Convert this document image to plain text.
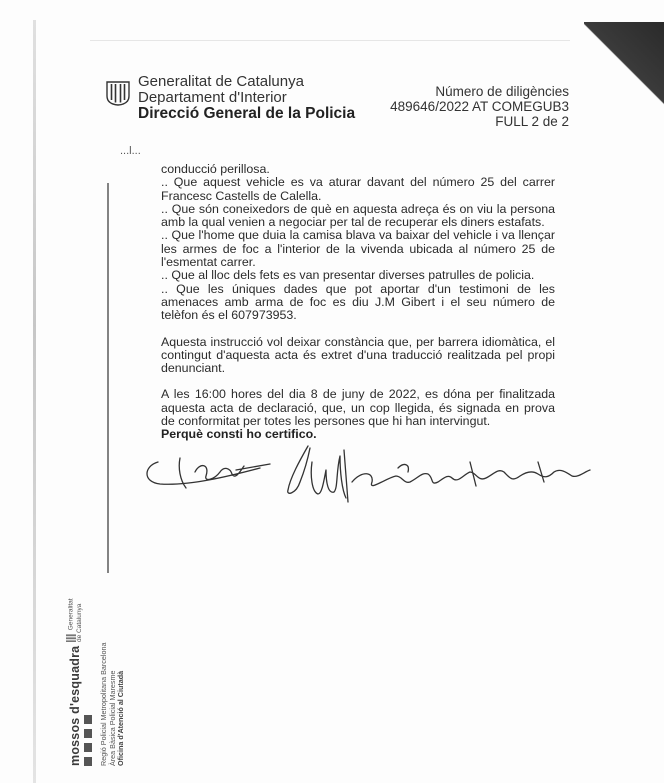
Generalitat de Catalunya
Departament d'Interior
Direcció General de la Policia
Número de diligències
489646/2022 AT COMEGUB3
FULL 2 de 2
...l...

conducció perillosa.

.. Que aquest vehicle es va aturar davant del número 25 del carrer Francesc Castells de Calella.

.. Que són coneixedors de què en aquesta adreça és on viu la persona amb la qual venien a negociar per tal de recuperar els diners estafats.

.. Que l'home que duia la camisa blava va baixar del vehicle i va llençar les armes de foc a l'interior de la vivenda ubicada al número 25 de l'esmentat carrer.

.. Que al lloc dels fets es van presentar diverses patrulles de policia.

.. Que les úniques dades que pot aportar d'un testimoni de les amenaces amb arma de foc es diu J.M Gibert i el seu número de telèfon és el 607973953.

Aquesta instrucció vol deixar constància que, per barrera idiomàtica, el contingut d'aquesta acta és extret d'una traducció realitzada pel propi denunciant.

A les 16:00 hores del dia 8 de juny de 2022, es dóna per finalitzada aquesta acta de declaració, que, un cop llegida, és signada en prova de conformitat per totes les persones que hi han intervingut.

Perquè consti ho certifico.

mossos d'esquadra
Generalitat
de Catalunya
Regió Policial Metropolitana Barcelona Àrea Bàsica Policial Maresme Oficina d'Atenció al Ciutadà
